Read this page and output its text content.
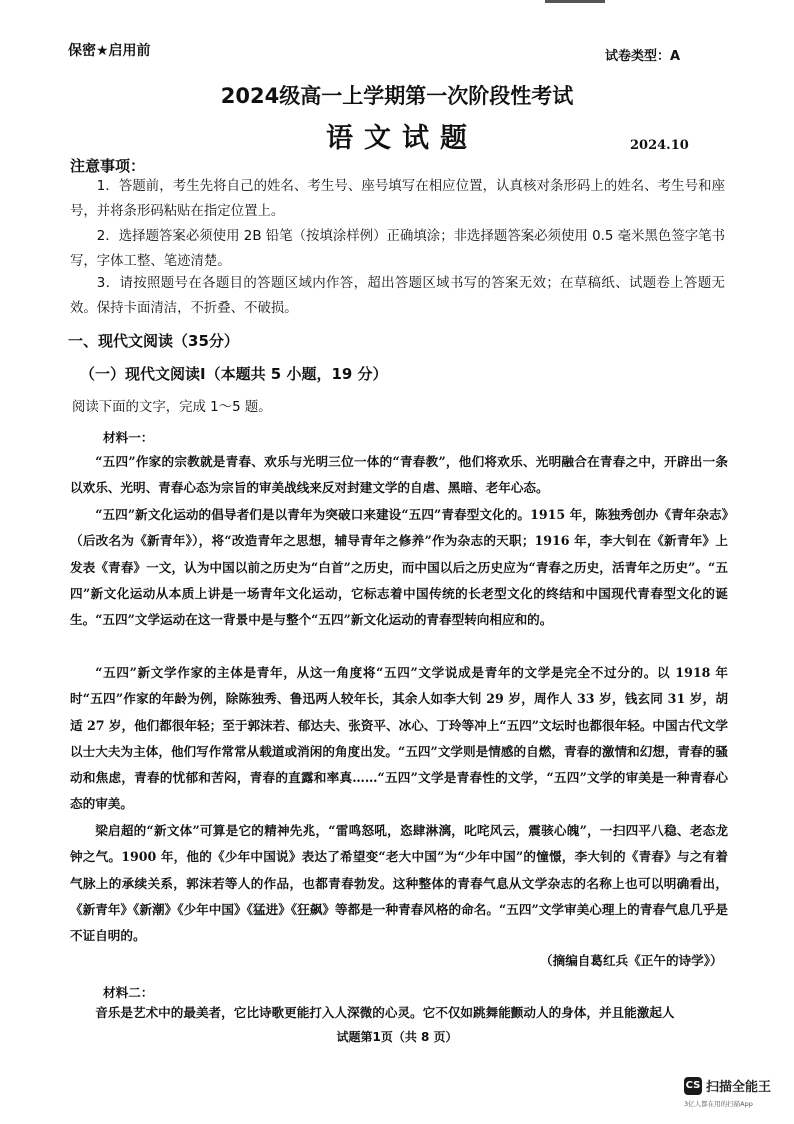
保密★启用前	试卷类型：A
2024级高一上学期第一次阶段性考试
语文试题	2024.10
注意事项：
1．答题前，考生先将自己的姓名、考生号、座号填写在相应位置，认真核对条形码上的姓名、考生号和座号，并将条形码粘贴在指定位置上。
2．选择题答案必须使用 2B 铅笔（按填涂样例）正确填涂；非选择题答案必须使用 0.5 毫米黑色签字笔书写，字体工整、笔迹清楚。
3．请按照题号在各题目的答题区域内作答，超出答题区域书写的答案无效；在草稿纸、试题卷上答题无效。保持卡面清洁，不折叠、不破损。
一、现代文阅读（35分）
（一）现代文阅读Ⅰ（本题共 5 小题，19 分）
阅读下面的文字，完成 1～5 题。
材料一：
“五四”作家的宗教就是青春、欢乐与光明三位一体的“青春教”，他们将欢乐、光明融合在青春之中，开辟出一条以欢乐、光明、青春心态为宗旨的审美战线来反对封建文学的自虐、黑暗、老年心态。
“五四”新文化运动的倡导者们是以青年为突破口来建设“五四”青春型文化的。1915 年，陈独秀创办《青年杂志》（后改名为《新青年》），将“改造青年之思想，辅导青年之修养”作为杂志的天职；1916 年，李大钊在《新青年》上发表《青春》一文，认为中国以前之历史为“白首”之历史，而中国以后之历史应为“青春之历史，活青年之历史”。“五四”新文化运动从本质上讲是一场青年文化运动，它标志着中国传统的长老型文化的终结和中国现代青春型文化的诞生。“五四”文学运动在这一背景中是与整个“五四”新文化运动的青春型转向相应和的。
“五四”新文学作家的主体是青年，从这一角度将“五四”文学说成是青年的文学是完全不过分的。以 1918 年时“五四”作家的年龄为例，除陈独秀、鲁迅两人较年长，其余人如李大钊 29 岁，周作人 33 岁，钱玄同 31 岁，胡适 27 岁，他们都很年轻；至于郭沫若、郁达夫、张资平、冰心、丁玲等冲上“五四”文坛时也都很年轻。中国古代文学以士大夫为主体，他们写作常常从载道或消闲的角度出发。“五四”文学则是情感的自燃，青春的激情和幻想，青春的骚动和焦虑，青春的忧郁和苦闷，青春的直露和率真……“五四”文学是青春性的文学，“五四”文学的审美是一种青春心态的审美。
梁启超的“新文体”可算是它的精神先兆，“雷鸣怒吼，恣肆淋漓，叱咤风云，震骇心魄”，一扫四平八稳、老态龙钟之气。1900 年，他的《少年中国说》表达了希望变“老大中国”为“少年中国”的憧憬，李大钊的《青春》与之有着气脉上的承续关系，郭沫若等人的作品，也都青春勃发。这种整体的青春气息从文学杂志的名称上也可以明确看出，《新青年》《新潮》《少年中国》《猛进》《狂飙》等都是一种青春风格的命名。“五四”文学审美心理上的青春气息几乎是不证自明的。
（摘编自葛红兵《正午的诗学》）
材料二：
音乐是艺术中的最美者，它比诗歌更能打入人深微的心灵。它不仅如跳舞能颤动人的身体，并且能激起人
试题第1页（共 8 页）
CS 扫描全能王
3亿人都在用的扫描App
